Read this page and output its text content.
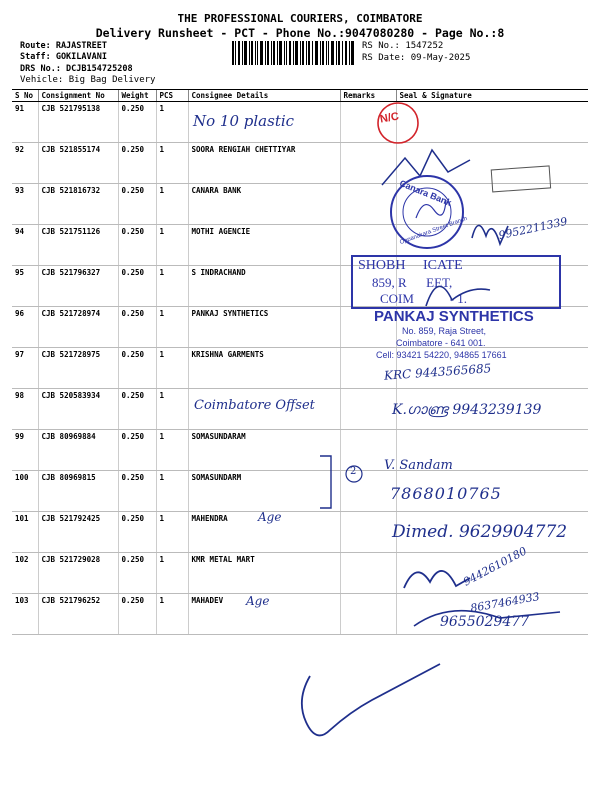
THE PROFESSIONAL COURIERS, COIMBATORE
Delivery Runsheet - PCT - Phone No.:9047080280 - Page No.:8
Route: RAJASTREET
Staff: GOKILAVANI
DRS No.: DCJB154725208
Vehicle: Big Bag Delivery
RS No.: 1547252
RS Date: 09-May-2025
S No	Consignment No	Weight	PCS	Consignee Details	Remarks	Seal & Signature
91	CJB 521795138	0.250	1			
92	CJB 521855174	0.250	1	SOORA RENGIAH CHETTIYAR		
93	CJB 521816732	0.250	1	CANARA BANK		
94	CJB 521751126	0.250	1	MOTHI AGENCIE		
95	CJB 521796327	0.250	1	S INDRACHAND		
96	CJB 521728974	0.250	1	PANKAJ SYNTHETICS		
97	CJB 521728975	0.250	1	KRISHNA GARMENTS		
98	CJB 520583934	0.250	1			
99	CJB 80969884	0.250	1	SOMASUNDARAM		
100	CJB 80969815	0.250	1	SOMASUNDARM		
101	CJB 521792425	0.250	1	MAHENDRA		
102	CJB 521729028	0.250	1	KMR METAL MART		
103	CJB 521796252	0.250	1	MAHADEV		
No 10 plastic
Coimbatore Offset
Age
Age
9952211339
KRC 9443565685
K.ഗാണ്ട്ര 9943239139
V. Sandam
7868010765
Dimed. 9629904772
9442610180
8637464933
9655029477
2
N/C
Canara Bank
Oppanakara Street Branch
SHOBH     ICATE
859, R      EET,
COIM           - 1.
PANKAJ SYNTHETICS
No. 859, Raja Street,
Coimbatore - 641 001.
Cell: 93421 54220, 94865 17661
